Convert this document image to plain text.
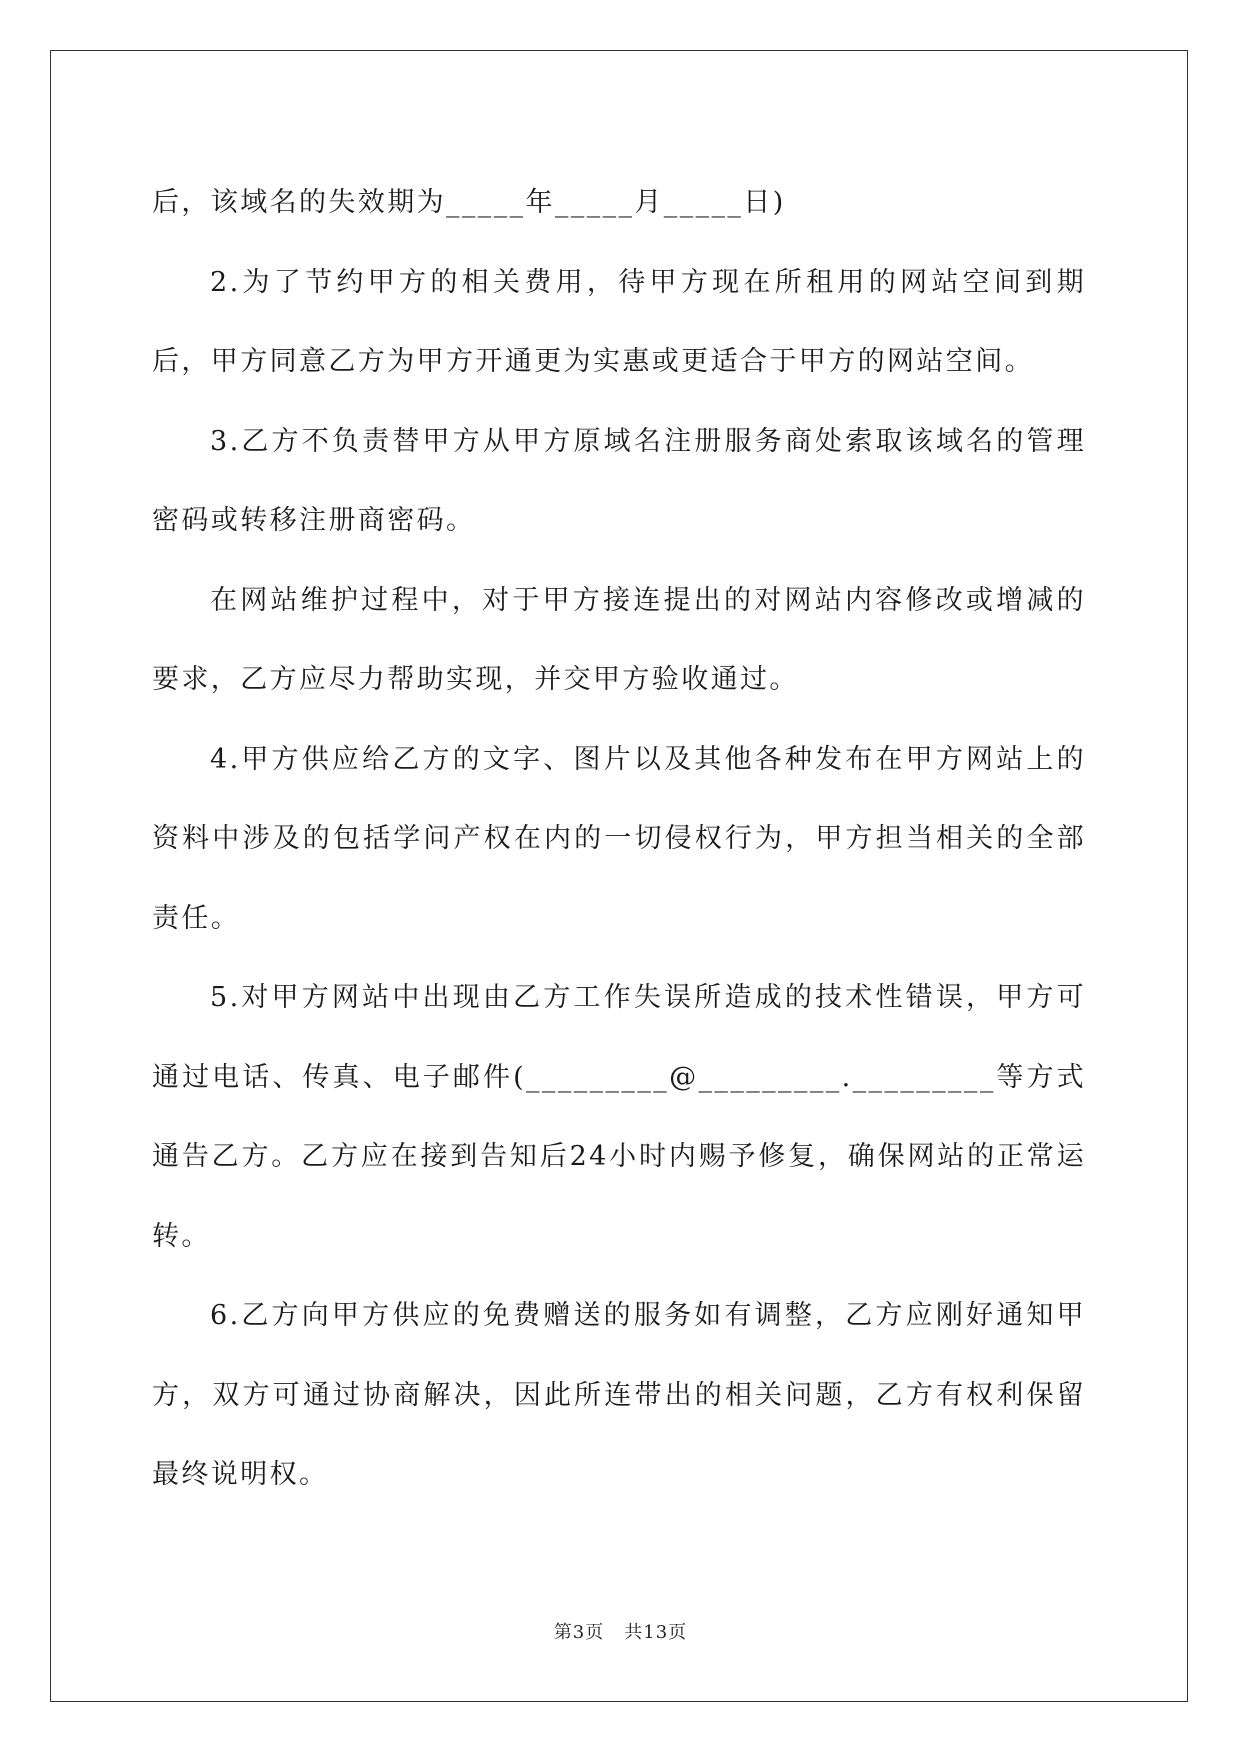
后，该域名的失效期为_____年_____月_____日)

2.为了节约甲方的相关费用，待甲方现在所租用的网站空间到期后，甲方同意乙方为甲方开通更为实惠或更适合于甲方的网站空间。

3.乙方不负责替甲方从甲方原域名注册服务商处索取该域名的管理密码或转移注册商密码。

在网站维护过程中，对于甲方接连提出的对网站内容修改或增减的要求，乙方应尽力帮助实现，并交甲方验收通过。

4.甲方供应给乙方的文字、图片以及其他各种发布在甲方网站上的资料中涉及的包括学问产权在内的一切侵权行为，甲方担当相关的全部责任。

5.对甲方网站中出现由乙方工作失误所造成的技术性错误，甲方可通过电话、传真、电子邮件(_________@_________._________等方式通告乙方。乙方应在接到告知后24小时内赐予修复，确保网站的正常运转。

6.乙方向甲方供应的免费赠送的服务如有调整，乙方应刚好通知甲方，双方可通过协商解决，因此所连带出的相关问题，乙方有权利保留最终说明权。

第3页 共13页
